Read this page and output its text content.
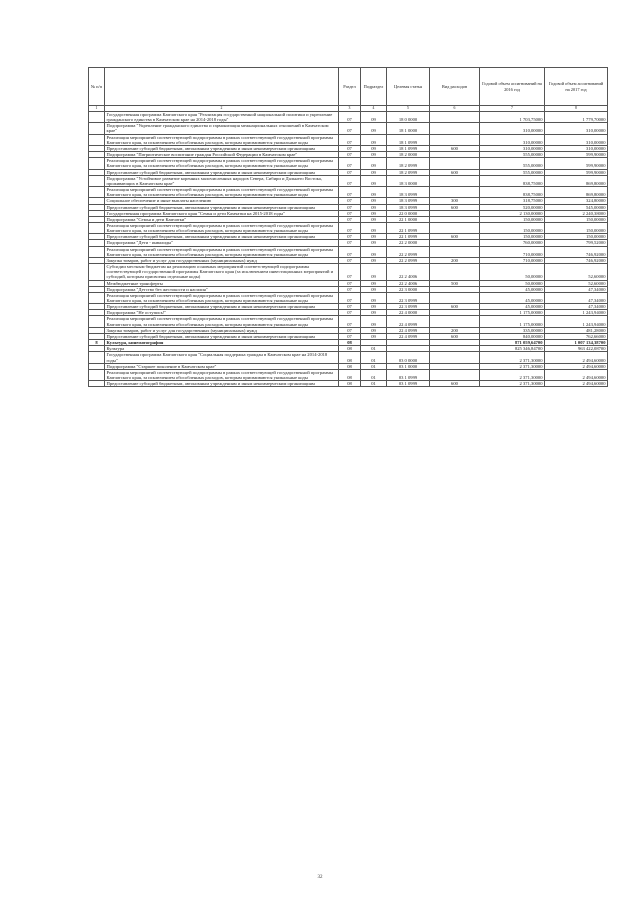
№ п/п		Раздел	Подраздел	Целевая статья	Вид расходов	Годовой объем ассигнований на 2016 год	Годовой объем ассигнований на 2017 год
1	2	3	4	5	6	7	8
	Государственная программа Камчатского края "Реализация государственной национальной политики и укрепление гражданского единства в Камчатском крае на 2014-2018 годы"	07	09	18 0 0000		1 703,75000	1 779,70000
	Подпрограмма "Укрепление гражданского единства и гармонизация межнациональных отношений в Камчатском крае"	07	09	18 1 0000		310,00000	310,00000
	Реализация мероприятий соответствующей подпрограммы в рамках соответствующей государственной программы Камчатского края, за исключением обособленных расходов, которым присваиваются уникальные коды	07	09	18 1 0999		310,00000	310,00000
	Предоставление субсидий бюджетным, автономным учреждениям и иным некоммерческим организациям	07	09	18 1 0999	600	310,00000	310,00000
	Подпрограмма "Патриотическое воспитание граждан Российской Федерации в Камчатском крае"	07	09	18 2 0000		555,00000	599,90000
	Реализация мероприятий соответствующей подпрограммы в рамках соответствующей государственной программы Камчатского края, за исключением обособленных расходов, которым присваиваются уникальные коды	07	09	18 2 0999		555,00000	599,90000
	Предоставление субсидий бюджетным, автономным учреждениям и иным некоммерческим организациям	07	09	18 2 0999	600	555,00000	599,90000
	Подпрограмма "Устойчивое развитие коренных малочисленных народов Севера, Сибири и Дальнего Востока, проживающих в Камчатском крае"	07	09	18 3 0000		838,75000	869,80000
	Реализация мероприятий соответствующей подпрограммы в рамках соответствующей государственной программы Камчатского края, за исключением обособленных расходов, которым присваиваются уникальные коды	07	09	18 3 0999		838,75000	869,80000
	Социальное обеспечение и иные выплаты населению	07	09	18 3 0999	300	318,75000	324,80000
	Предоставление субсидий бюджетным, автономным учреждениям и иным некоммерческим организациям	07	09	18 3 0999	600	520,00000	545,00000
	Государственная программа Камчатского края "Семья и дети Камчатки на 2015-2018 годы"	07	09	22 0 0000		2 130,00000	2 240,38000
	Подпрограмма "Семья и дети Камчатки"	07	09	22 1 0000		150,00000	150,00000
	Реализация мероприятий соответствующей подпрограммы в рамках соответствующей государственной программы Камчатского края, за исключением обособленных расходов, которым присваиваются уникальные коды	07	09	22 1 0999		150,00000	150,00000
	Предоставление субсидий бюджетным, автономным учреждениям и иным некоммерческим организациям	07	09	22 1 0999	600	150,00000	150,00000
	Подпрограмма "Дети - инвалиды"	07	09	22 2 0000		760,00000	799,52000
	Реализация мероприятий соответствующей подпрограммы в рамках соответствующей государственной программы Камчатского края, за исключением обособленных расходов, которым присваиваются уникальные коды	07	09	22 2 0999		710,00000	746,92000
	Закупка товаров, работ и услуг для государственных (муниципальных) нужд	07	09	22 2 0999	200	710,00000	746,92000
	Субсидии местным бюджетам на реализацию основных мероприятий соответствующей подпрограммы соответствующей государственной программы Камчатского края (за исключением инвестиционных мероприятий и субсидий, которым присвоены отдельные коды)	07	09	22 2 4006		50,00000	52,60000
	Межбюджетные трансферты	07	09	22 2 4006	500	50,00000	52,60000
	Подпрограмма "Детство без жестокости и насилия"	07	09	22 3 0000		45,00000	47,34000
	Реализация мероприятий соответствующей подпрограммы в рамках соответствующей государственной программы Камчатского края, за исключением обособленных расходов, которым присваиваются уникальные коды	07	09	22 3 0999		45,00000	47,34000
	Предоставление субсидий бюджетным, автономным учреждениям и иным некоммерческим организациям	07	09	22 3 0999	600	45,00000	47,34000
	Подпрограмма "Не оступись!"	07	09	22 4 0000		1 175,00000	1 243,94000
	Реализация мероприятий соответствующей подпрограммы в рамках соответствующей государственной программы Камчатского края, за исключением обособленных расходов, которым присваиваются уникальные коды	07	09	22 4 0999		1 175,00000	1 243,94000
	Закупка товаров, работ и услуг для государственных (муниципальных) нужд	07	09	22 4 0999	200	335,00000	481,28000
	Предоставление субсидий бюджетным, автономным учреждениям и иным некоммерческим организациям	07	09	22 4 0999	600	840,00000	762,66000
8	Культура, кинематография	08				871 059,64700	1 007 134,38700
	Культура	08	01			825 346,84700	963 422,08700
	Государственная программа Камчатского края "Социальная поддержка граждан в Камчатском крае на 2014-2018 годы"	08	01	03 0 0000		2 371,30000	2 494,60000
	Подпрограмма "Старшее поколение в Камчатском крае"	08	01	03 1 0000		2 371,30000	2 494,60000
	Реализация мероприятий соответствующей подпрограммы в рамках соответствующей государственной программы Камчатского края, за исключением обособленных расходов, которым присваиваются уникальные коды	08	01	03 1 0999		2 371,30000	2 494,60000
	Предоставление субсидий бюджетным, автономным учреждениям и иным некоммерческим организациям	08	01	03 1 0999	600	2 371,30000	2 494,60000
32
